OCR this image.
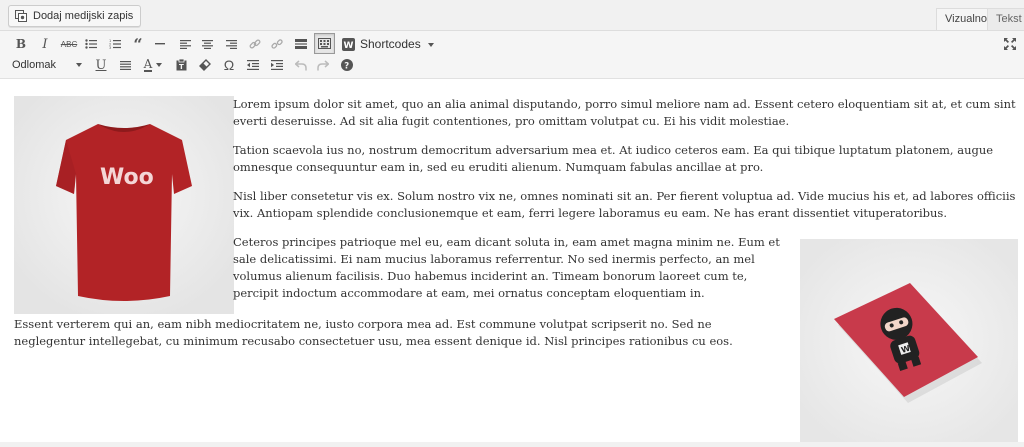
Dodaj medijski zapis	Vizualno Tekst
B	I	ABC	1
2
3 “	W Shortcodes
Odlomak	U	A	T	Ω	?
Woo

Lorem ipsum dolor sit amet, quo an alia animal disputando, porro simul meliore nam ad. Essent cetero eloquentiam sit at, et cum sint everti deseruisse. Ad sit alia fugit contentiones, pro omittam volutpat cu. Ei his vidit molestiae.

Tation scaevola ius no, nostrum democritum adversarium mea et. At iudico ceteros eam. Ea qui tibique luptatum platonem, augue omnesque consequuntur eam in, sed eu eruditi alienum. Numquam fabulas ancillae at pro.

Nisl liber consetetur vis ex. Solum nostro vix ne, omnes nominati sit an. Per fierent voluptua ad. Vide mucius his et, ad labores officiis vix. Antiopam splendide conclusionemque et eam, ferri legere laboramus eu eam. Ne has erant dissentiet vituperatoribus.

Ceteros principes patrioque mel eu, eam dicant soluta in, eam amet magna minim ne. Eum et sale delicatissimi. Ei nam mucius laboramus referrentur. No sed inermis perfecto, an mel volumus alienum facilisis. Duo habemus inciderint an. Timeam bonorum laoreet cum te, percipit indoctum accommodare at eam, mei ornatus conceptam eloquentiam in.

Essent verterem qui an, eam nibh mediocritatem ne, iusto corpora mea ad. Est commune volutpat scripserit no. Sed ne neglegentur intellegebat, cu minimum recusabo consectetuer usu, mea essent denique id. Nisl principes rationibus cu eos.

W
